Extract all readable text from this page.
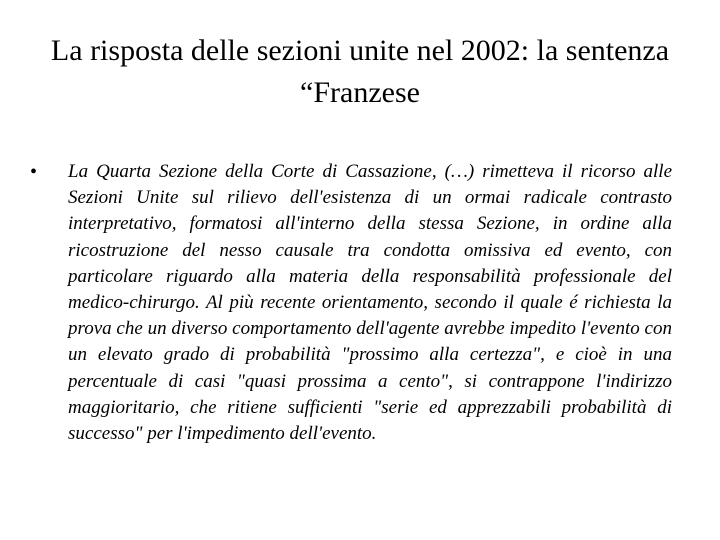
La risposta delle sezioni unite nel 2002: la sentenza “Franzese
•	La Quarta Sezione della Corte di Cassazione, (…) rimetteva il ricorso alle Sezioni Unite sul rilievo dell'esistenza di un ormai radicale contrasto interpretativo, formatosi all'interno della stessa Sezione, in ordine alla ricostruzione del nesso causale tra condotta omissiva ed evento, con particolare riguardo alla materia della responsabilità professionale del medico-chirurgo. Al più recente orientamento, secondo il quale é richiesta la prova che un diverso comportamento dell'agente avrebbe impedito l'evento con un elevato grado di probabilità "prossimo alla certezza", e cioè in una percentuale di casi "quasi prossima a cento", si contrappone l'indirizzo maggioritario, che ritiene sufficienti "serie ed apprezzabili probabilità di successo" per l'impedimento dell'evento.
